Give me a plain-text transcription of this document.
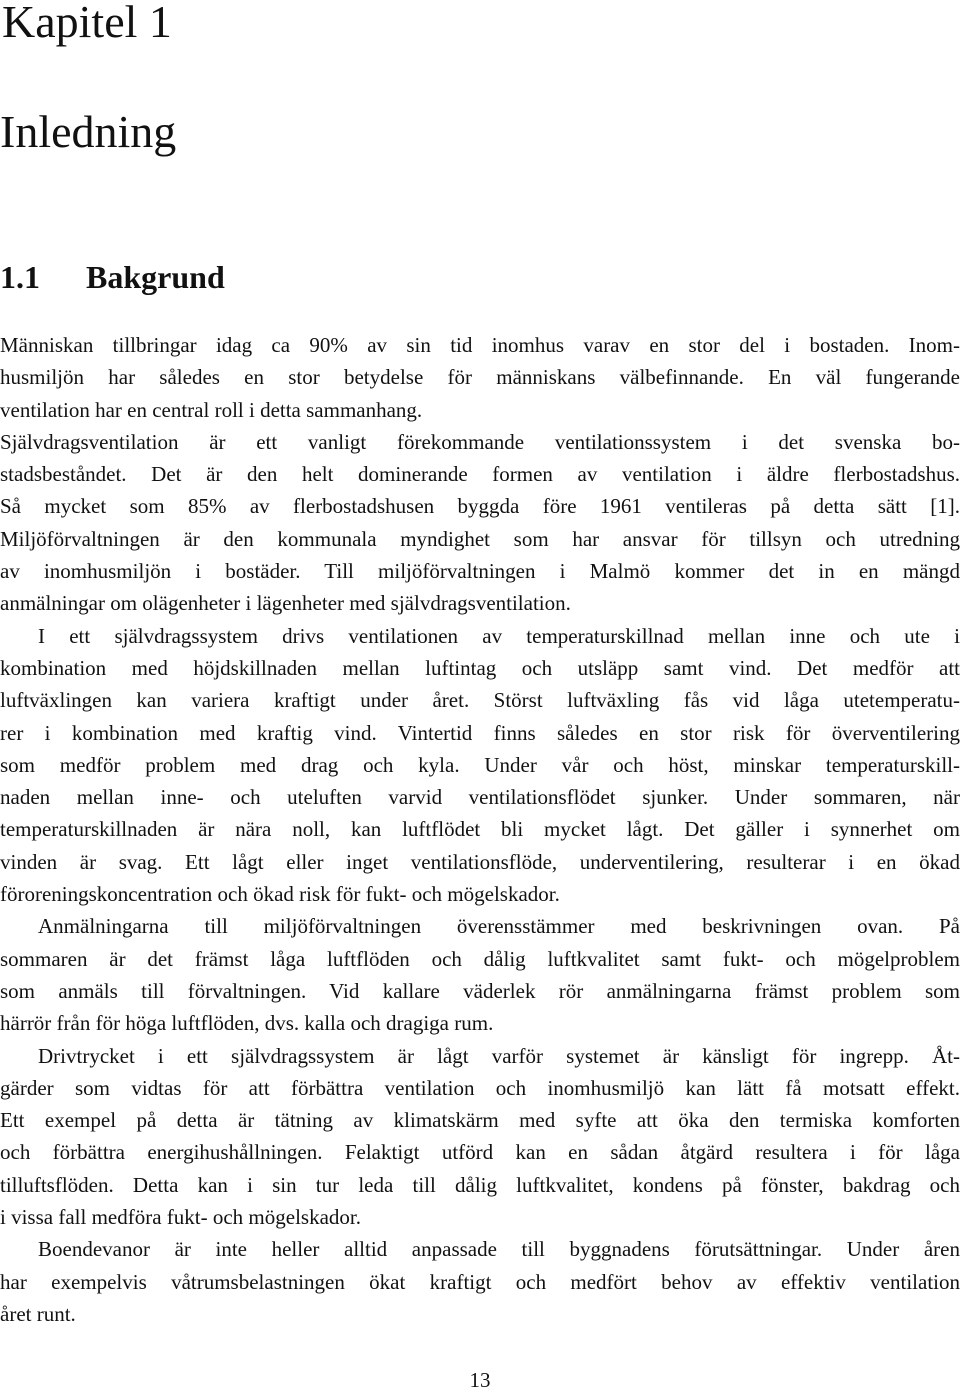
Kapitel 1
Inledning
1.1 Bakgrund
Människan tillbringar idag ca 90% av sin tid inomhus varav en stor del i bostaden. Inom-
husmiljön har således en stor betydelse för människans välbefinnande. En väl fungerande
ventilation har en central roll i detta sammanhang.
Självdragsventilation är ett vanligt förekommande ventilationssystem i det svenska bo-
stadsbeståndet. Det är den helt dominerande formen av ventilation i äldre flerbostadshus.
Så mycket som 85% av flerbostadshusen byggda före 1961 ventileras på detta sätt [1].
Miljöförvaltningen är den kommunala myndighet som har ansvar för tillsyn och utredning
av inomhusmiljön i bostäder. Till miljöförvaltningen i Malmö kommer det in en mängd
anmälningar om olägenheter i lägenheter med självdragsventilation.
I ett självdragssystem drivs ventilationen av temperaturskillnad mellan inne och ute i
kombination med höjdskillnaden mellan luftintag och utsläpp samt vind. Det medför att
luftväxlingen kan variera kraftigt under året. Störst luftväxling fås vid låga utetemperatu-
rer i kombination med kraftig vind. Vintertid finns således en stor risk för överventilering
som medför problem med drag och kyla. Under vår och höst, minskar temperaturskill-
naden mellan inne- och uteluften varvid ventilationsflödet sjunker. Under sommaren, när
temperaturskillnaden är nära noll, kan luftflödet bli mycket lågt. Det gäller i synnerhet om
vinden är svag. Ett lågt eller inget ventilationsflöde, underventilering, resulterar i en ökad
föroreningskoncentration och ökad risk för fukt- och mögelskador.
Anmälningarna till miljöförvaltningen överensstämmer med beskrivningen ovan. På
sommaren är det främst låga luftflöden och dålig luftkvalitet samt fukt- och mögelproblem
som anmäls till förvaltningen. Vid kallare väderlek rör anmälningarna främst problem som
härrör från för höga luftflöden, dvs. kalla och dragiga rum.
Drivtrycket i ett självdragssystem är lågt varför systemet är känsligt för ingrepp. Åt-
gärder som vidtas för att förbättra ventilation och inomhusmiljö kan lätt få motsatt effekt.
Ett exempel på detta är tätning av klimatskärm med syfte att öka den termiska komforten
och förbättra energihushållningen. Felaktigt utförd kan en sådan åtgärd resultera i för låga
tilluftsflöden. Detta kan i sin tur leda till dålig luftkvalitet, kondens på fönster, bakdrag och
i vissa fall medföra fukt- och mögelskador.
Boendevanor är inte heller alltid anpassade till byggnadens förutsättningar. Under åren
har exempelvis våtrumsbelastningen ökat kraftigt och medfört behov av effektiv ventilation
året runt.
13
